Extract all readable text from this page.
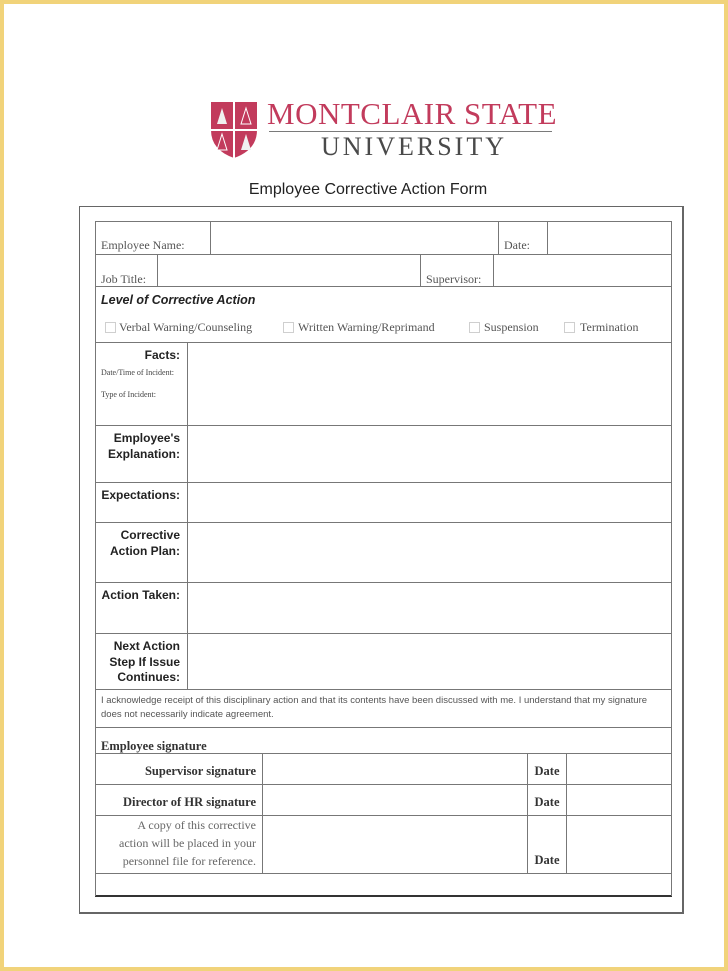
MONTCLAIR STATE
UNIVERSITY
Employee Corrective Action Form
Employee Name:	Date:
Job Title:	Supervisor:
Level of Corrective Action
Verbal Warning/Counseling	Written Warning/Reprimand	Suspension	Termination
Facts:
Date/Time of Incident:
Type of Incident:
Employee's
Explanation:
Expectations:
Corrective
Action Plan:
Action Taken:
Next Action
Step If Issue
Continues:
I acknowledge receipt of this disciplinary action and that its contents have been discussed with me. I understand that my signature does not necessarily indicate agreement.
Employee signature
Supervisor signature	Date
Director of HR signature	Date
A copy of this corrective
action will be placed in your
personnel file for reference.	Date
